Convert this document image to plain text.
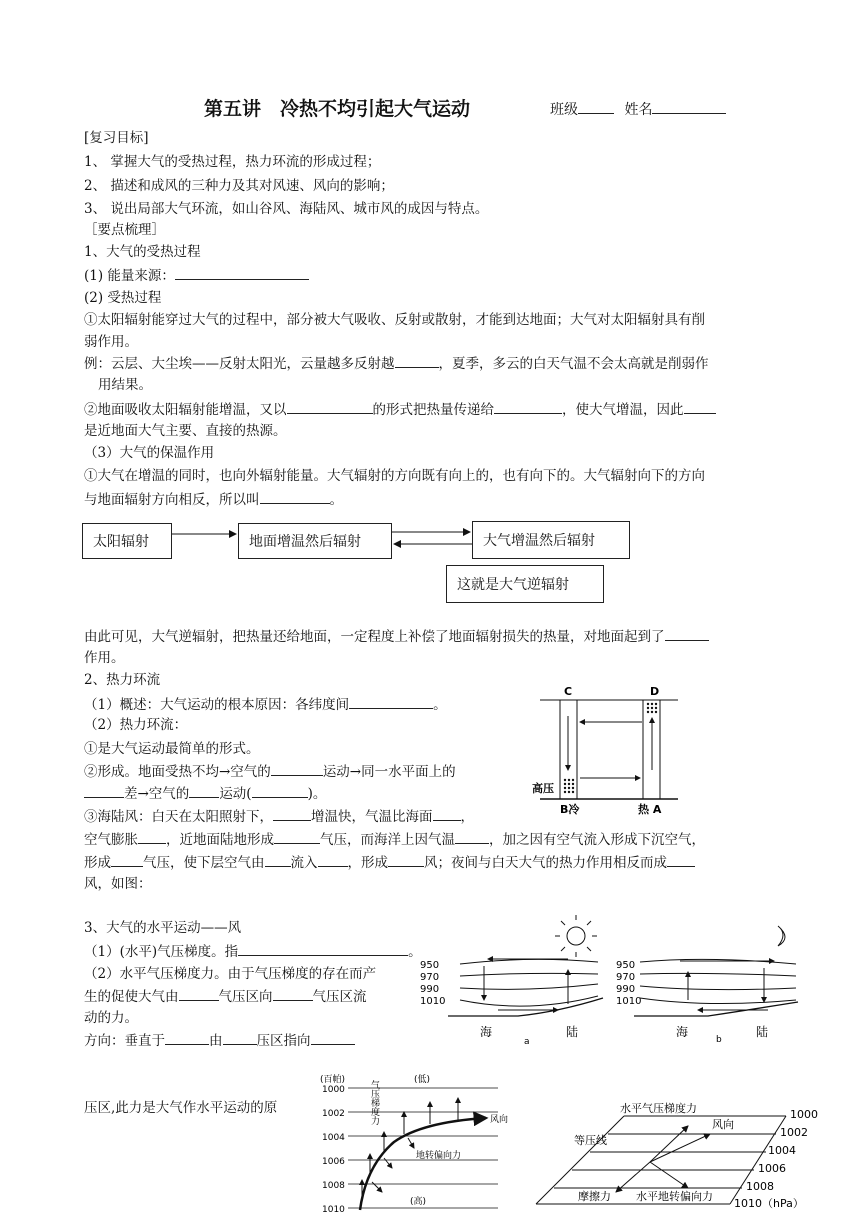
第五讲　冷热不均引起大气运动	班级	姓名
[复习目标]
1、 掌握大气的受热过程，热力环流的形成过程；
2、 描述和成风的三种力及其对风速、风向的影响；
3、 说出局部大气环流，如山谷风、海陆风、城市风的成因与特点。
［要点梳理］
1、大气的受热过程
(1) 能量来源：
(2) 受热过程
①太阳辐射能穿过大气的过程中，部分被大气吸收、反射或散射，才能到达地面；大气对太阳辐射具有削
弱作用。
例：云层、大尘埃——反射太阳光，云量越多反射越	，夏季，多云的白天气温不会太高就是削弱作
用结果。
②地面吸收太阳辐射能增温，又以	的形式把热量传递给	，使大气增温，因此
是近地面大气主要、直接的热源。
（3）大气的保温作用
①大气在增温的同时，也向外辐射能量。大气辐射的方向既有向上的，也有向下的。大气辐射向下的方向
与地面辐射方向相反，所以叫	。
太阳辐射	地面增温然后辐射	大气增温然后辐射
这就是大气逆辐射
由此可见，大气逆辐射，把热量还给地面，一定程度上补偿了地面辐射损失的热量，对地面起到了
作用。
2、热力环流
（1）概述：大气运动的根本原因：各纬度间	。
（2）热力环流：
①是大气运动最简单的形式。
②形成。地面受热不均→空气的	运动→同一水平面上的
差→空气的 运动(	)。
③海陆风：白天在太阳照射下，	增温快，气温比海面 ，
空气膨胀 ，近地面陆地形成	气压，而海洋上因气温	，加之因有空气流入形成下沉空气，
形成 气压，使下层空气由 流入 ，形成	风；夜间与白天大气的热力作用相反而成
风，如图：
C	D
高压
B冷	热 A
3、大气的水平运动——风
（1）(水平)气压梯度。指	。
（2）水平气压梯度力。由于气压梯度的存在而产
生的促使大气由	气压区向	气压区流
动的力。
方向：垂直于	由	压区指向
压区,此力是大气作水平运动的原
950
970
990
1010
海	陆
a
950
970
990
1010
海	陆
b
(百帕)
1000
1002
1004
1006
1008
1010
气压梯度力	(低)
(高)
风向
地转偏向力
水平气压梯度力
等压线
风向
摩擦力 水平地转偏向力
1000
1002
1004
1006
1008
1010（hPa）
